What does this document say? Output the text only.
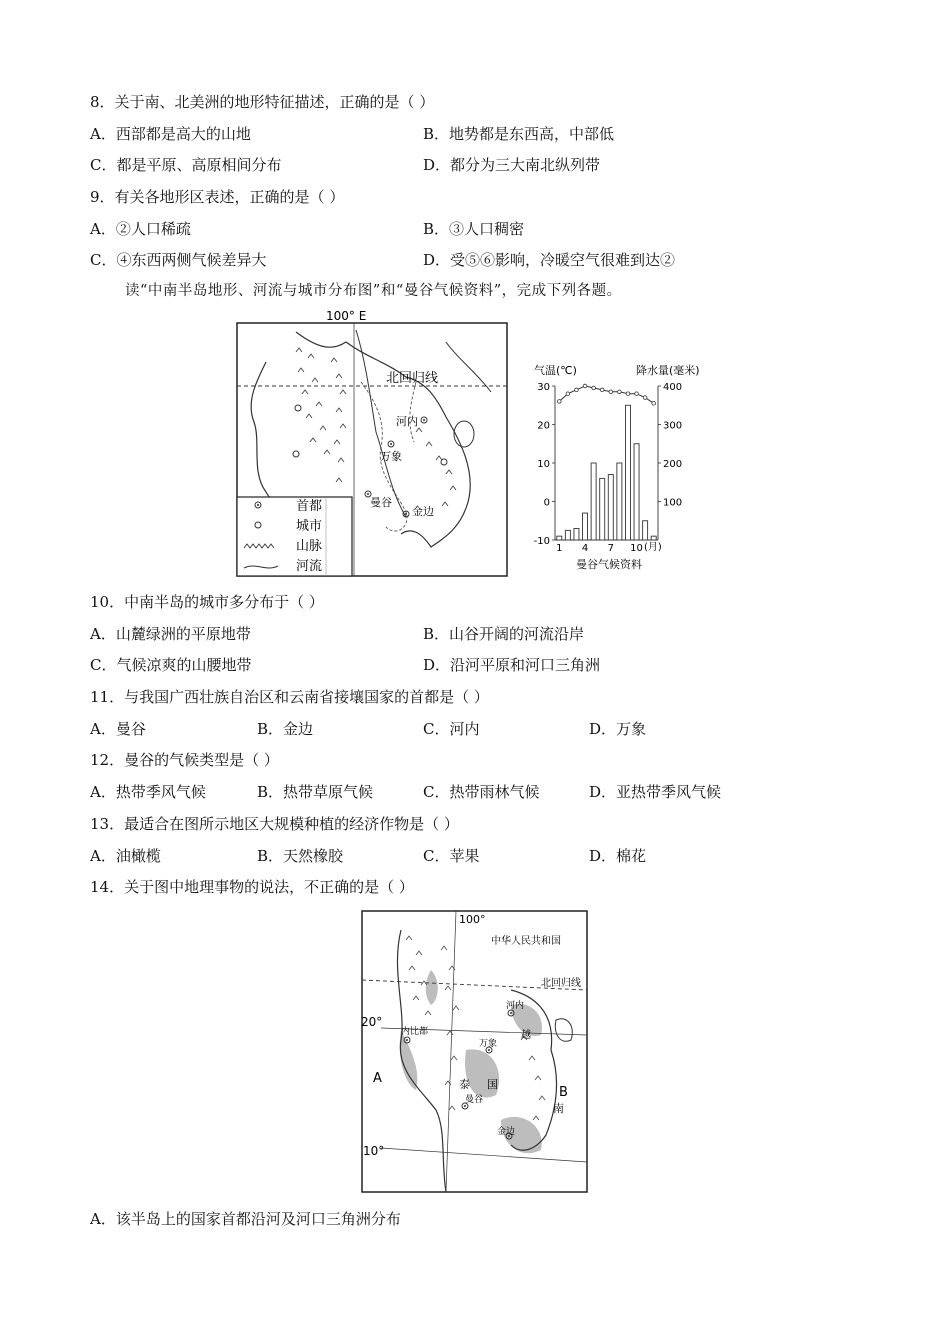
8．关于南、北美洲的地形特征描述，正确的是（ ）
A．西部都是高大的山地	B．地势都是东西高，中部低
C．都是平原、高原相间分布	D．都分为三大南北纵列带
9．有关各地形区表述，正确的是（ ）
A．②人口稀疏	B．③人口稠密
C．④东西两侧气候差异大	D．受⑤⑥影响，冷暖空气很难到达②
读“中南半岛地形、河流与城市分布图”和“曼谷气候资料”，完成下列各题。
首都
城市
山脉
河流
100° E
北回归线
河内
万象
曼谷
金边
气温(℃)	降水量(毫米)
30
20
10
0
-10
400
300
200
100
1 4 7 10 (月)
曼谷气候资料
10．中南半岛的城市多分布于（ ）
A．山麓绿洲的平原地带	B．山谷开阔的河流沿岸
C．气候凉爽的山腰地带	D．沿河平原和河口三角洲
11．与我国广西壮族自治区和云南省接壤国家的首都是（ ）
A．曼谷	B．金边	C．河内	D．万象
12．曼谷的气候类型是（ ）
A．热带季风气候	B．热带草原气候	C．热带雨林气候	D．亚热带季风气候
13．最适合在图所示地区大规模种植的经济作物是（ ）
A．油橄榄	B．天然橡胶	C．苹果	D．棉花
14．关于图中地理事物的说法，不正确的是（ ）
100°
中华人民共和国
北回归线
20°
10°
A
B
内比都
河内
万象
曼谷
金边
泰 国
越
南
A．该半岛上的国家首都沿河及河口三角洲分布
